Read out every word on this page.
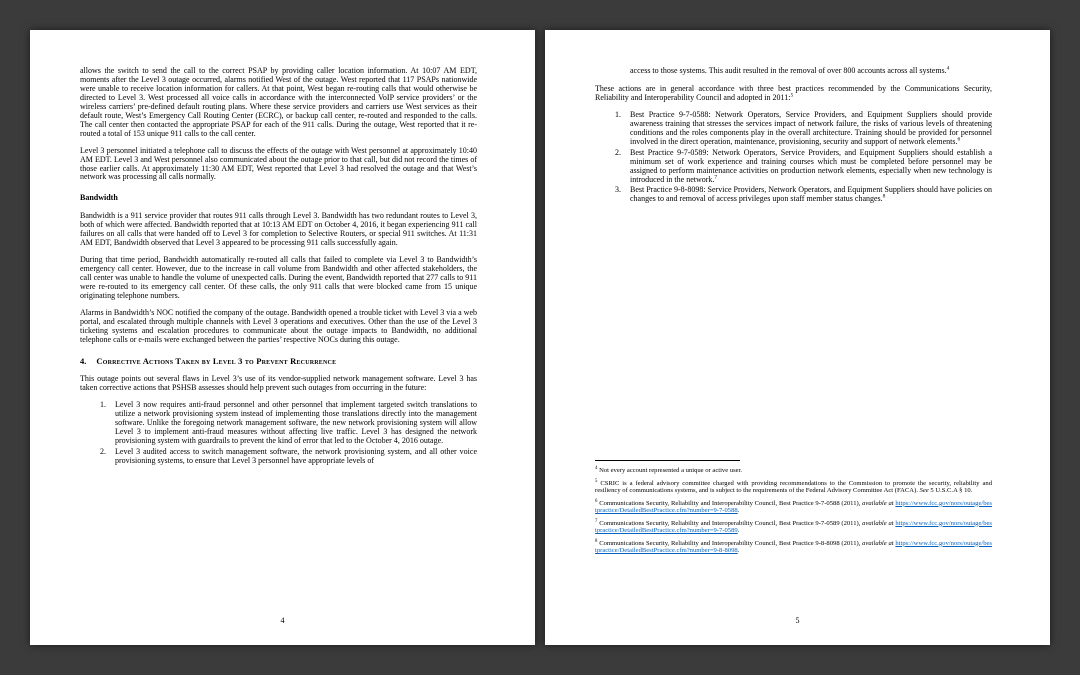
allows the switch to send the call to the correct PSAP by providing caller location information. At 10:07 AM EDT, moments after the Level 3 outage occurred, alarms notified West of the outage. West reported that 117 PSAPs nationwide were unable to receive location information for callers. At that point, West began re-routing calls that would otherwise be directed to Level 3. West processed all voice calls in accordance with the interconnected VoIP service providers’ or the wireless carriers’ pre-defined default routing plans. Where these service providers and carriers use West services as their default route, West’s Emergency Call Routing Center (ECRC), or backup call center, re-routed and responded to the calls. The call center then contacted the appropriate PSAP for each of the 911 calls. During the outage, West reported that it re-routed a total of 153 unique 911 calls to the call center.

Level 3 personnel initiated a telephone call to discuss the effects of the outage with West personnel at approximately 10:40 AM EDT. Level 3 and West personnel also communicated about the outage prior to that call, but did not record the times of those earlier calls. At approximately 11:30 AM EDT, West reported that Level 3 had resolved the outage and that West’s network was processing all calls normally.

Bandwidth

Bandwidth is a 911 service provider that routes 911 calls through Level 3. Bandwidth has two redundant routes to Level 3, both of which were affected. Bandwidth reported that at 10:13 AM EDT on October 4, 2016, it began experiencing 911 call failures on all calls that were handed off to Level 3 for completion to Selective Routers, or special 911 switches. At 11:31 AM EDT, Bandwidth observed that Level 3 appeared to be processing 911 calls successfully again.

During that time period, Bandwidth automatically re-routed all calls that failed to complete via Level 3 to Bandwidth’s emergency call center. However, due to the increase in call volume from Bandwidth and other affected stakeholders, the call center was unable to handle the volume of unexpected calls. During the event, Bandwidth reported that 277 calls to 911 were re-routed to its emergency call center. Of these calls, the only 911 calls that were blocked came from 15 unique originating telephone numbers.

Alarms in Bandwidth’s NOC notified the company of the outage. Bandwidth opened a trouble ticket with Level 3 via a web portal, and escalated through multiple channels with Level 3 operations and executives. Other than the use of the Level 3 ticketing systems and escalation procedures to communicate about the outage impacts to Bandwidth, no additional telephone calls or e-mails were exchanged between the parties’ respective NOCs during this outage.

4. Corrective Actions Taken by Level 3 to Prevent Recurrence

This outage points out several flaws in Level 3’s use of its vendor-supplied network management software. Level 3 has taken corrective actions that PSHSB assesses should help prevent such outages from occurring in the future:

1. Level 3 now requires anti-fraud personnel and other personnel that implement targeted switch translations to utilize a network provisioning system instead of implementing those translations directly into the management software. Unlike the foregoing network management software, the new network provisioning system will allow Level 3 to implement anti-fraud measures without affecting live traffic. Level 3 has designed the network provisioning system with guardrails to prevent the kind of error that led to the October 4, 2016 outage.
2. Level 3 audited access to switch management software, the network provisioning system, and all other voice provisioning systems, to ensure that Level 3 personnel have appropriate levels of
4
access to those systems. This audit resulted in the removal of over 800 accounts across all systems.$^4$

These actions are in general accordance with three best practices recommended by the Communications Security, Reliability and Interoperability Council and adopted in 2011:$^5$

1. Best Practice 9-7-0588: Network Operators, Service Providers, and Equipment Suppliers should provide awareness training that stresses the services impact of network failure, the risks of various levels of threatening conditions and the roles components play in the overall architecture. Training should be provided for personnel involved in the direct operation, maintenance, provisioning, security and support of network elements.$^6$
2. Best Practice 9-7-0589: Network Operators, Service Providers, and Equipment Suppliers should establish a minimum set of work experience and training courses which must be completed before personnel may be assigned to perform maintenance activities on production network elements, especially when new technology is introduced in the network.$^7$
3. Best Practice 9-8-8098: Service Providers, Network Operators, and Equipment Suppliers should have policies on changes to and removal of access privileges upon staff member status changes.$^8$
$^4$ Not every account represented a unique or active user.
$^5$ CSRIC is a federal advisory committee charged with providing recommendations to the Commission to promote the security, reliability and resiliency of communications systems, and is subject to the requirements of the Federal Advisory Committee Act (FACA). See 5 U.S.C.A § 10.
$^6$ Communications Security, Reliability and Interoperability Council, Best Practice 9-7-0588 (2011), available at https://www.fcc.gov/nors/outage/bestpractice/DetailedBestPractice.cfm?number=9-7-0588.
$^7$ Communications Security, Reliability and Interoperability Council, Best Practice 9-7-0589 (2011), available at https://www.fcc.gov/nors/outage/bestpractice/DetailedBestPractice.cfm?number=9-7-0589.
$^8$ Communications Security, Reliability and Interoperability Council, Best Practice 9-8-8098 (2011), available at https://www.fcc.gov/nors/outage/bestpractice/DetailedBestPractice.cfm?number=9-8-8098.
5
